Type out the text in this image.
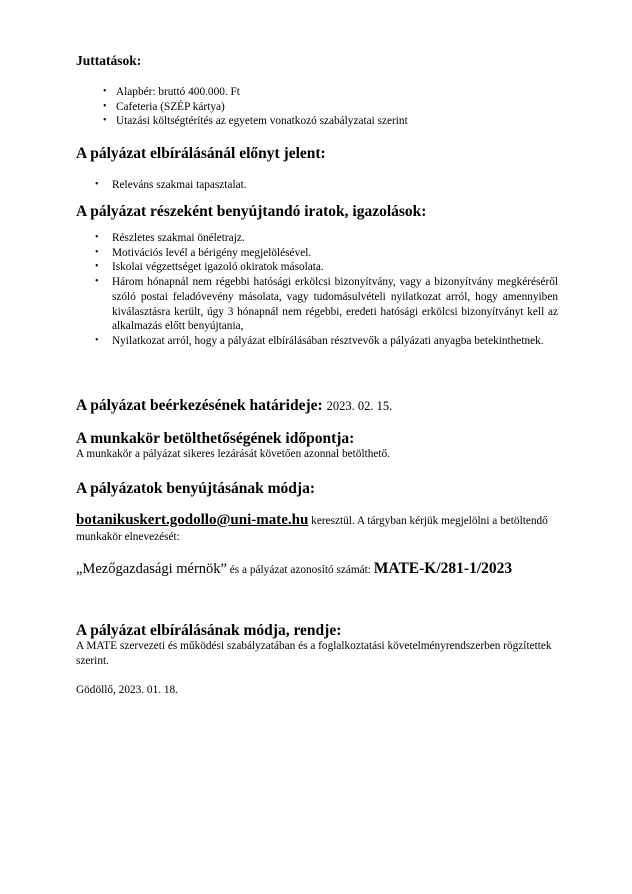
Juttatások:
• Alapbér: bruttó 400.000. Ft
• Cafeteria (SZÉP kártya)
• Utazási költségtérítés az egyetem vonatkozó szabályzatai szerint
A pályázat elbírálásánál előnyt jelent:
• Releváns szakmai tapasztalat.
A pályázat részeként benyújtandó iratok, igazolások:
• Részletes szakmai önéletrajz.
• Motivációs levél a bérigény megjelölésével.
• Iskolai végzettséget igazoló okiratok másolata.
• Három hónapnál nem régebbi hatósági erkölcsi bizonyítvány, vagy a bizonyítvány megkéréséről szóló postai feladóvevény másolata, vagy tudomásulvételi nyilatkozat arról, hogy amennyiben kiválasztásra került, úgy 3 hónapnál nem régebbi, eredeti hatósági erkölcsi bizonyítványt kell az alkalmazás előtt benyújtania,
• Nyilatkozat arról, hogy a pályázat elbírálásában résztvevők a pályázati anyagba betekinthetnek.
A pályázat beérkezésének határideje: 2023. 02. 15.
A munkakör betölthetőségének időpontja:
A munkakör a pályázat sikeres lezárását követően azonnal betölthető.
A pályázatok benyújtásának módja:
botanikuskert.godollo@uni-mate.hu keresztül. A tárgyban kérjük megjelölni a betöltendő munkakör elnevezését:
„Mezőgazdasági mérnök” és a pályázat azonosító számát: MATE-K/281-1/2023
A pályázat elbírálásának módja, rendje:
A MATE szervezeti és működési szabályzatában és a foglalkoztatási követelményrendszerben rögzítettek szerint.
Gödöllő, 2023. 01. 18.
